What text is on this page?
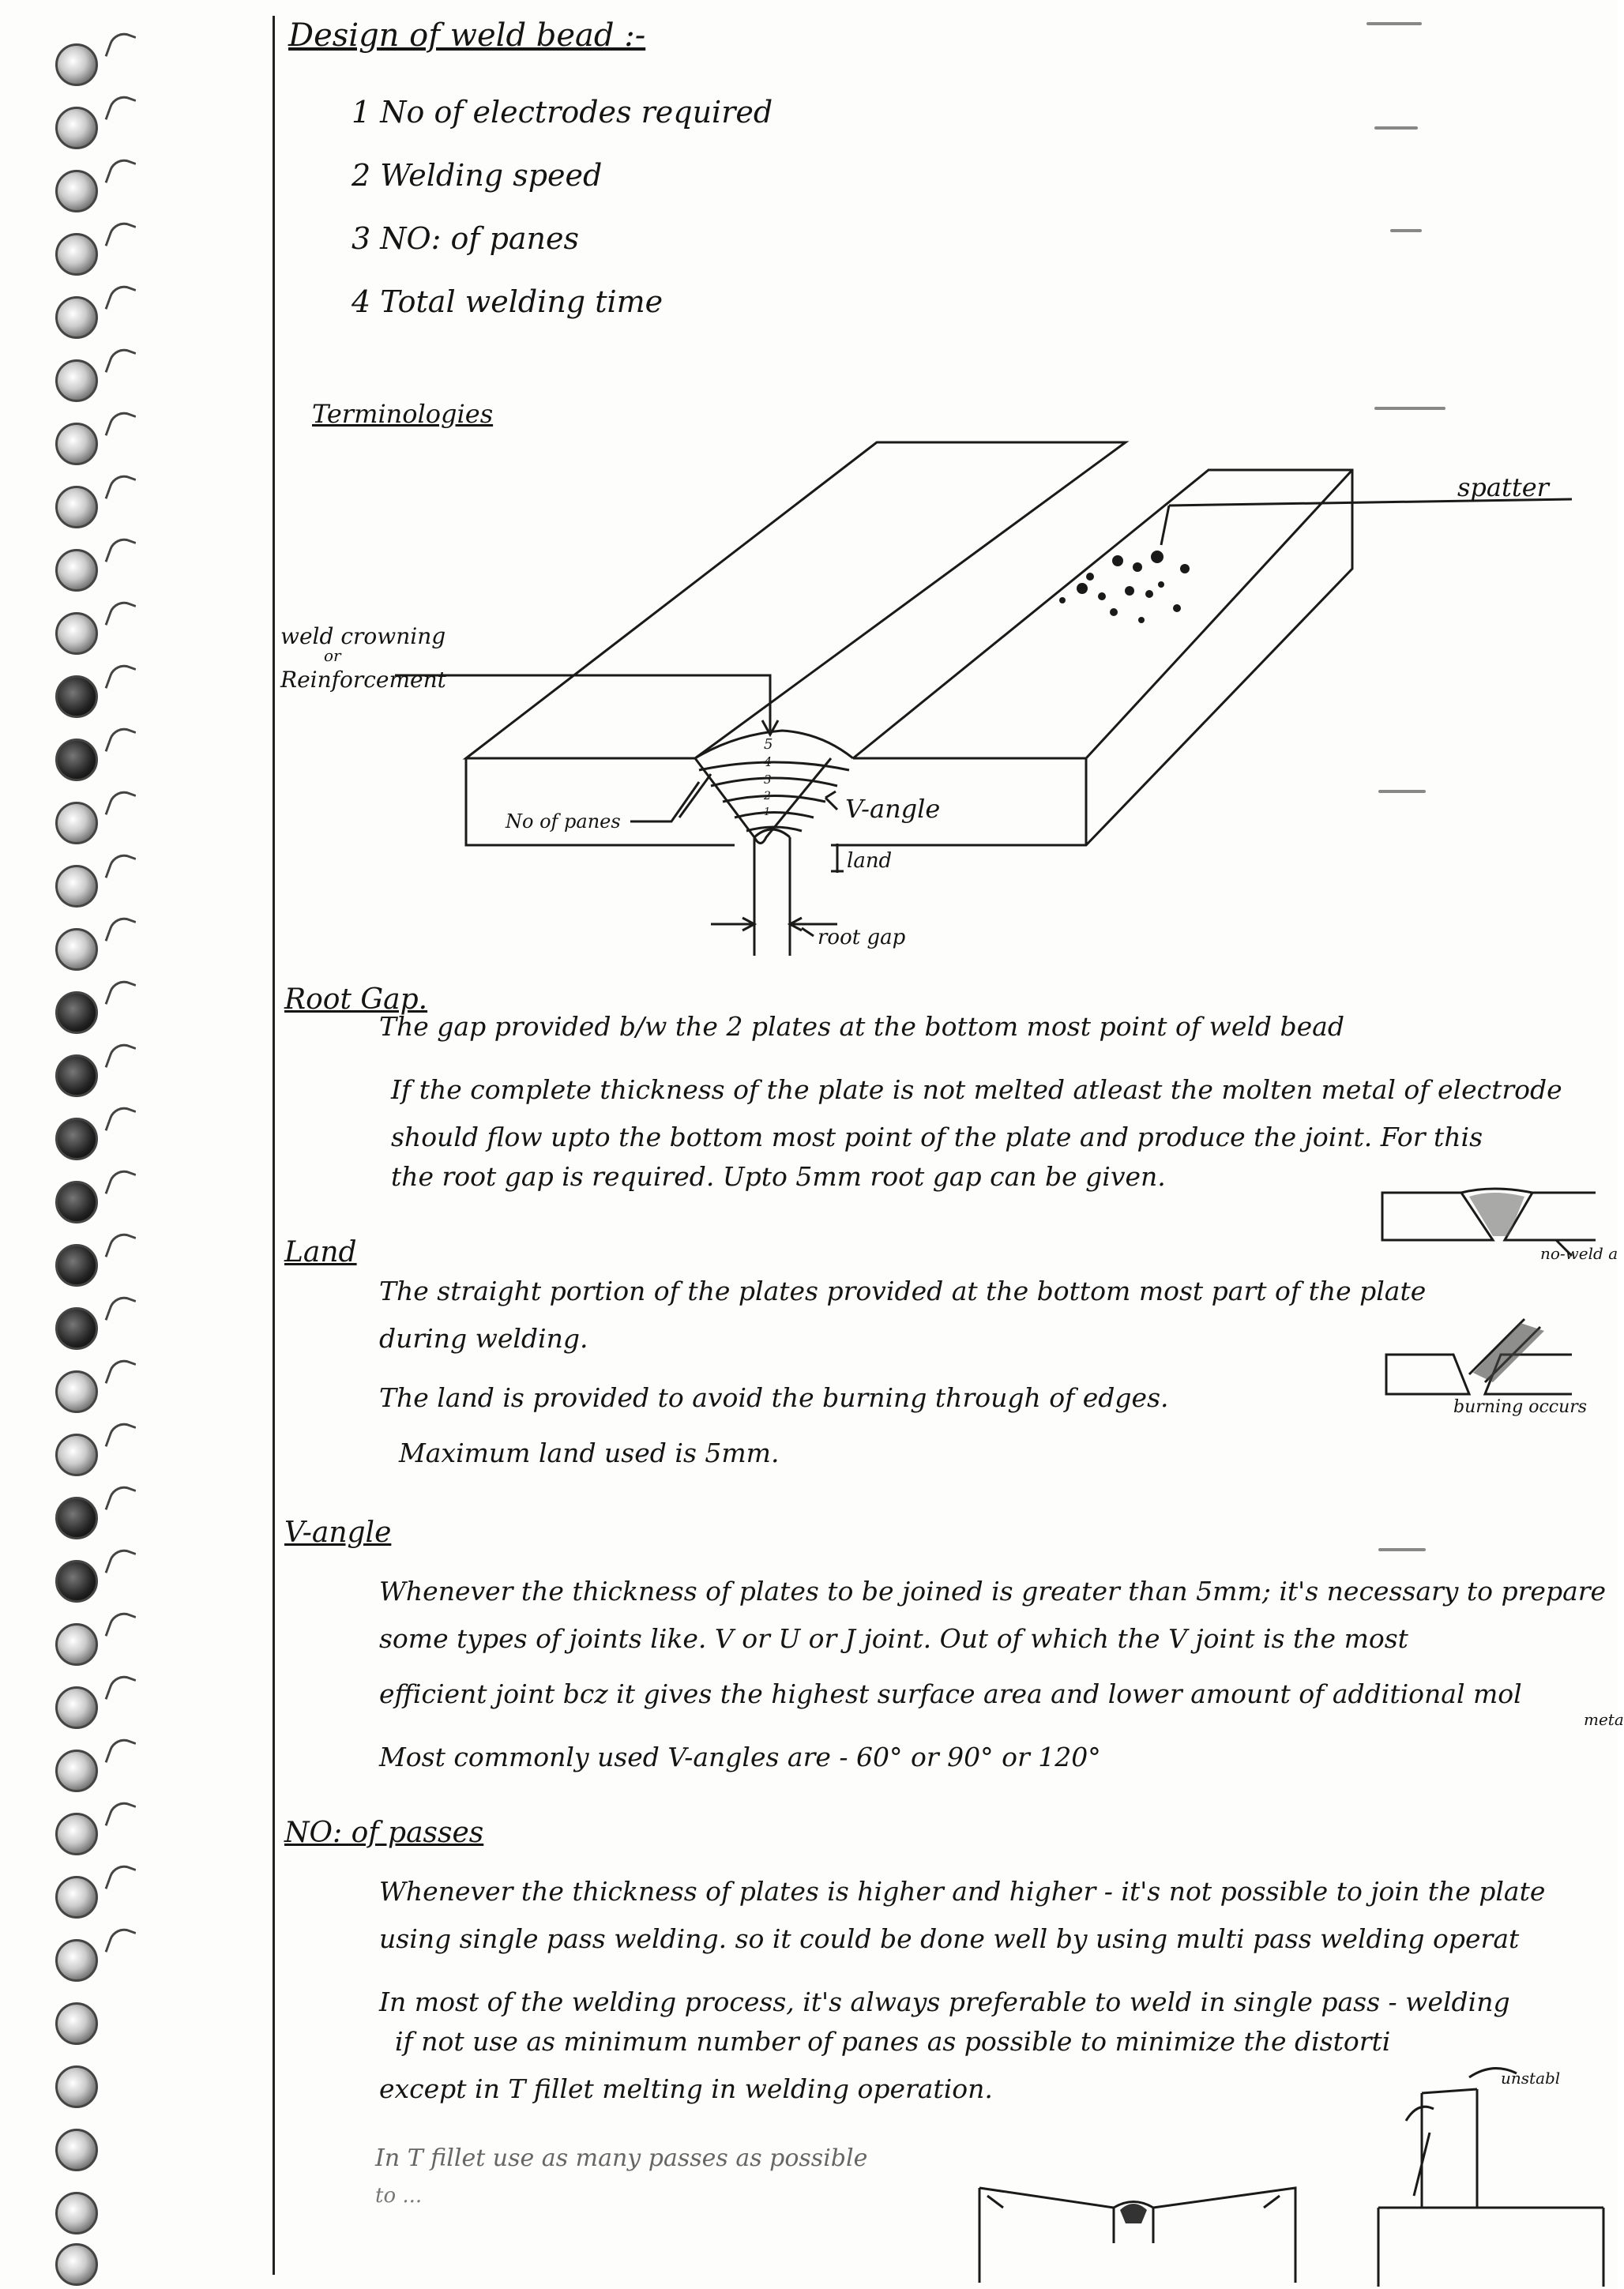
Design of weld bead :-
1 No of electrodes required
2 Welding speed
3 NO: of panes
4 Total welding time
Terminologies
5
4
3
2
1
spatter
weld crowning
or
Reinforcement
No of panes	V-angle
land
root gap
Root Gap.
The gap provided b/w the 2 plates at the bottom most point of weld bead
If the complete thickness of the plate is not melted atleast the molten metal of electrode
should flow upto the bottom most point of the plate and produce the joint. For this
the root gap is required. Upto 5mm root gap can be given.
no-weld a
Land
The straight portion of the plates provided at the bottom most part of the plate
during welding.
The land is provided to avoid the burning through of edges.
Maximum land used is 5mm.
burning occurs
V-angle
Whenever the thickness of plates to be joined is greater than 5mm; it's necessary to prepare
some types of joints like. V or U or J joint. Out of which the V joint is the most
efficient joint bcz it gives the highest surface area and lower amount of additional mol
meta
Most commonly used V-angles are - 60° or 90° or 120°
NO: of passes
Whenever the thickness of plates is higher and higher - it's not possible to join the plate
using single pass welding. so it could be done well by using multi pass welding operat
In most of the welding process, it's always preferable to weld in single pass - welding
if not use as minimum number of panes as possible to minimize the distorti
except in T fillet melting in welding operation.
In T fillet use as many passes as possible
to ...
unstabl
